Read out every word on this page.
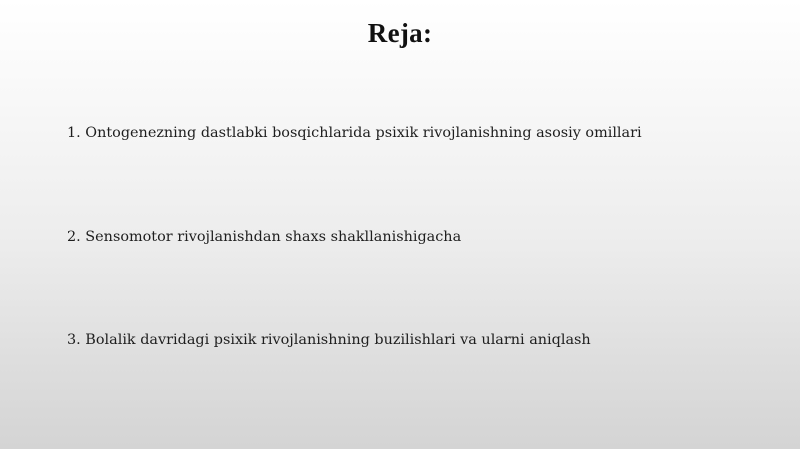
Reja:
1. Ontogenezning dastlabki bosqichlarida psixik rivojlanishning asosiy omillari
2. Sensomotor rivojlanishdan shaxs shakllanishigacha
3. Bolalik davridagi psixik rivojlanishning buzilishlari va ularni aniqlash
